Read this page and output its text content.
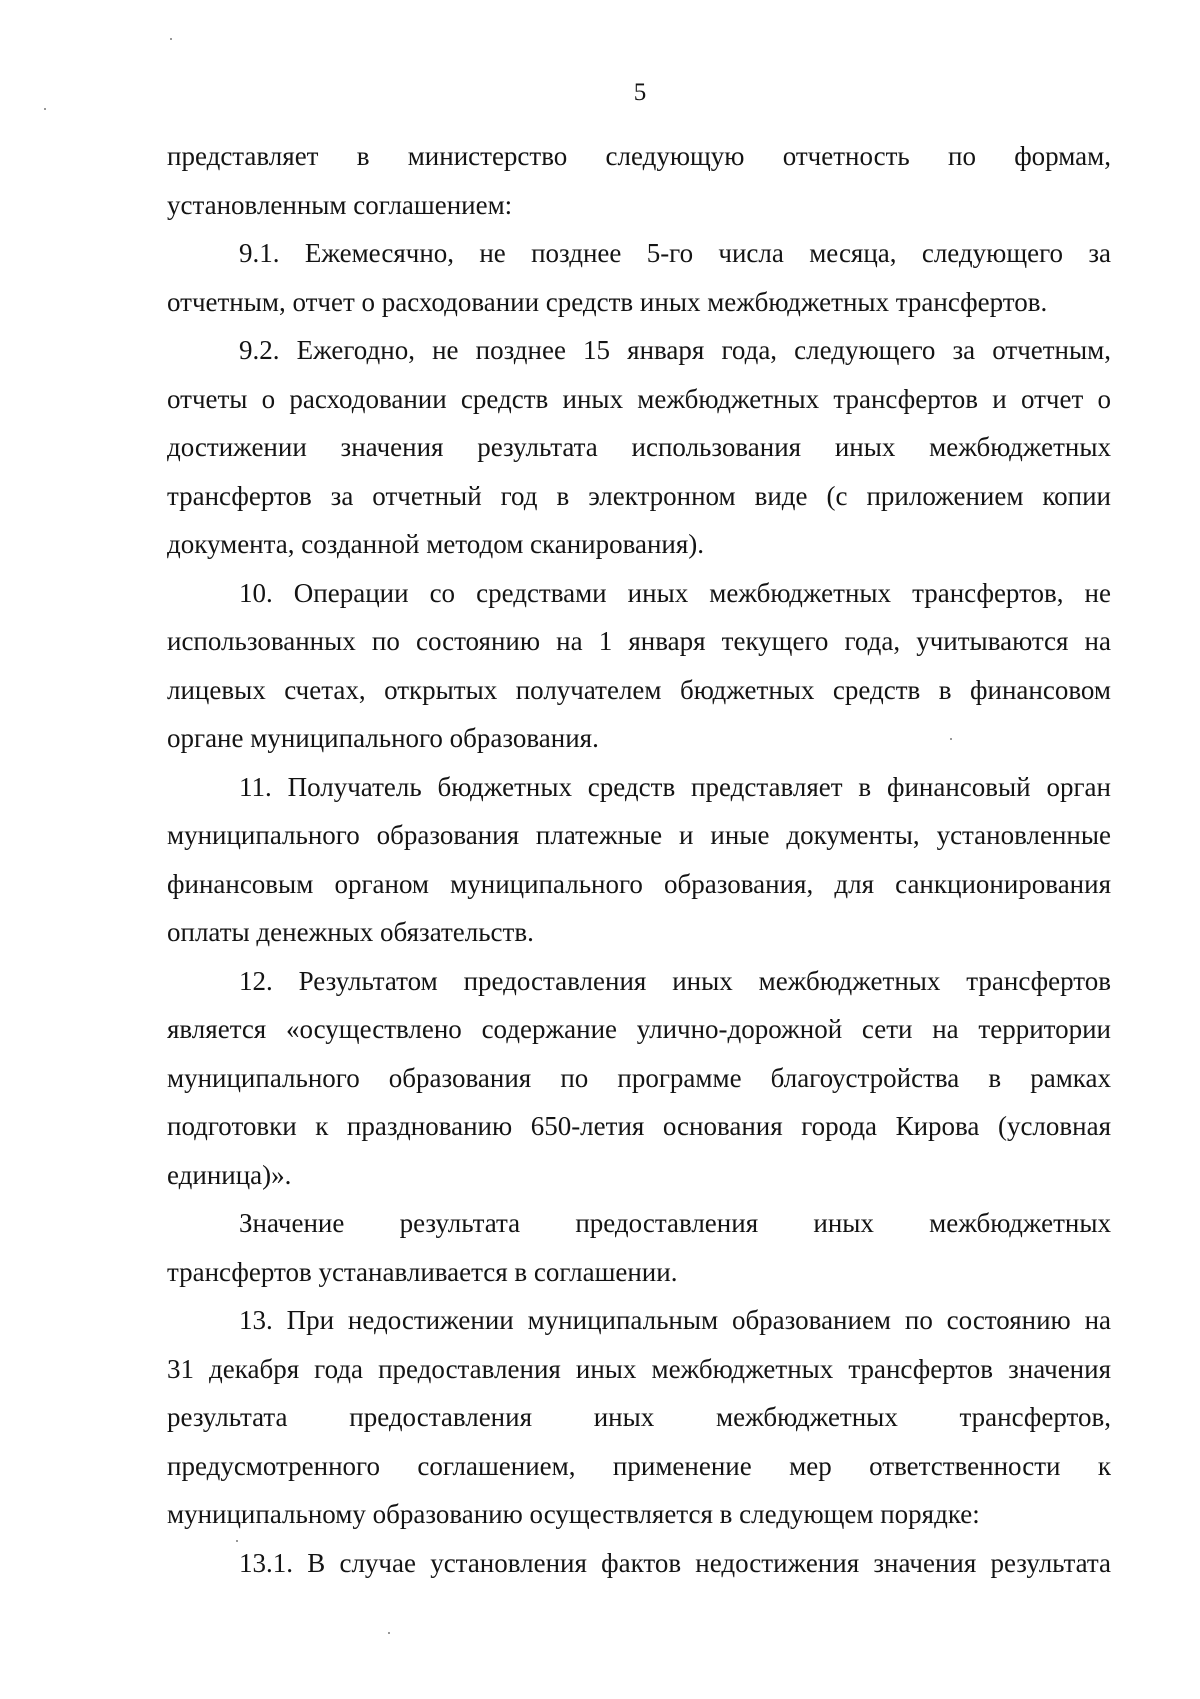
5
представляет в министерство следующую отчетность по формам,
установленным соглашением:
9.1. Ежемесячно, не позднее 5-го числа месяца, следующего за
отчетным, отчет о расходовании средств иных межбюджетных трансфертов.
9.2. Ежегодно, не позднее 15 января года, следующего за отчетным,
отчеты о расходовании средств иных межбюджетных трансфертов и отчет о
достижении значения результата использования иных межбюджетных
трансфертов за отчетный год в электронном виде (с приложением копии
документа, созданной методом сканирования).
10. Операции со средствами иных межбюджетных трансфертов, не
использованных по состоянию на 1 января текущего года, учитываются на
лицевых счетах, открытых получателем бюджетных средств в финансовом
органе муниципального образования.
11. Получатель бюджетных средств представляет в финансовый орган
муниципального образования платежные и иные документы, установленные
финансовым органом муниципального образования, для санкционирования
оплаты денежных обязательств.
12. Результатом предоставления иных межбюджетных трансфертов
является «осуществлено содержание улично-дорожной сети на территории
муниципального образования по программе благоустройства в рамках
подготовки к празднованию 650-летия основания города Кирова (условная
единица)».
Значение результата предоставления иных межбюджетных
трансфертов устанавливается в соглашении.
13. При недостижении муниципальным образованием по состоянию на
31 декабря года предоставления иных межбюджетных трансфертов значения
результата предоставления иных межбюджетных трансфертов,
предусмотренного соглашением, применение мер ответственности к
муниципальному образованию осуществляется в следующем порядке:
13.1. В случае установления фактов недостижения значения результата
